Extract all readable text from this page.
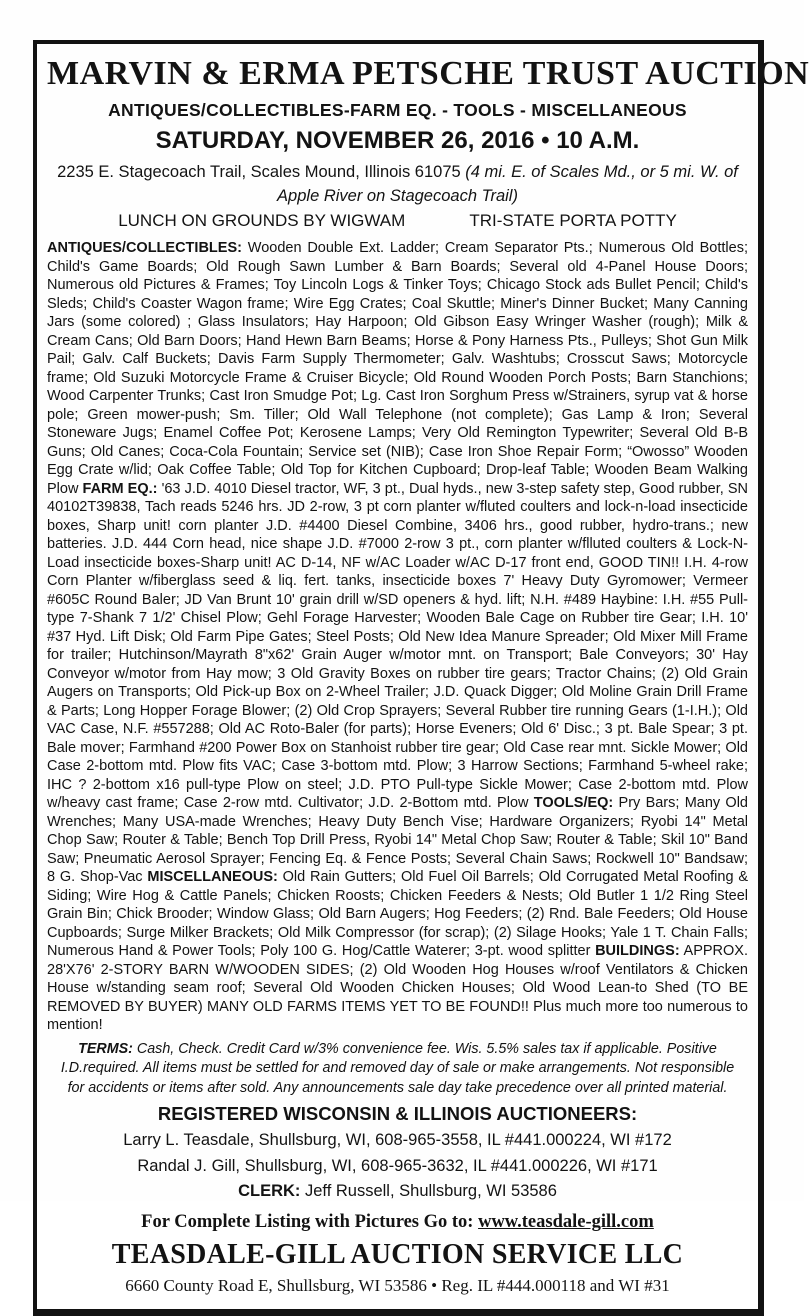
MARVIN & ERMA PETSCHE TRUST AUCTION
ANTIQUES/COLLECTIBLES-FARM EQ. - TOOLS - MISCELLANEOUS
SATURDAY, NOVEMBER 26, 2016 • 10 A.M.
2235 E. Stagecoach Trail, Scales Mound, Illinois 61075 (4 mi. E. of Scales Md., or 5 mi. W. of Apple River on Stagecoach Trail)
LUNCH ON GROUNDS BY WIGWAM	TRI-STATE PORTA POTTY

ANTIQUES/COLLECTIBLES: Wooden Double Ext. Ladder; Cream Separator Pts.; Numerous Old Bottles; Child's Game Boards; Old Rough Sawn Lumber & Barn Boards; Several old 4-Panel House Doors; Numerous old Pictures & Frames; Toy Lincoln Logs & Tinker Toys; Chicago Stock ads Bullet Pencil; Child's Sleds; Child's Coaster Wagon frame; Wire Egg Crates; Coal Skuttle; Miner's Dinner Bucket; Many Canning Jars (some colored) ; Glass Insulators; Hay Harpoon; Old Gibson Easy Wringer Washer (rough); Milk & Cream Cans; Old Barn Doors; Hand Hewn Barn Beams; Horse & Pony Harness Pts., Pulleys; Shot Gun Milk Pail; Galv. Calf Buckets; Davis Farm Supply Thermometer; Galv. Washtubs; Crosscut Saws; Motorcycle frame; Old Suzuki Motorcycle Frame & Cruiser Bicycle; Old Round Wooden Porch Posts; Barn Stanchions; Wood Carpenter Trunks; Cast Iron Smudge Pot; Lg. Cast Iron Sorghum Press w/Strainers, syrup vat & horse pole; Green mower-push; Sm. Tiller; Old Wall Telephone (not complete); Gas Lamp & Iron; Several Stoneware Jugs; Enamel Coffee Pot; Kerosene Lamps; Very Old Remington Typewriter; Several Old B-B Guns; Old Canes; Coca-Cola Fountain; Service set (NIB); Case Iron Shoe Repair Form; “Owosso” Wooden Egg Crate w/lid; Oak Coffee Table; Old Top for Kitchen Cupboard; Drop-leaf Table; Wooden Beam Walking Plow FARM EQ.: '63 J.D. 4010 Diesel tractor, WF, 3 pt., Dual hyds., new 3-step safety step, Good rubber, SN 40102T39838, Tach reads 5246 hrs. JD 2-row, 3 pt corn planter w/fluted coulters and lock-n-load insecticide boxes, Sharp unit! corn planter J.D. #4400 Diesel Combine, 3406 hrs., good rubber, hydro-trans.; new batteries. J.D. 444 Corn head, nice shape J.D. #7000 2-row 3 pt., corn planter w/flluted coulters & Lock-N-Load insecticide boxes-Sharp unit! AC D-14, NF w/AC Loader w/AC D-17 front end, GOOD TIN!! I.H. 4-row Corn Planter w/fiberglass seed & liq. fert. tanks, insecticide boxes 7' Heavy Duty Gyromower; Vermeer #605C Round Baler; JD Van Brunt 10' grain drill w/SD openers & hyd. lift; N.H. #489 Haybine: I.H. #55 Pull-type 7-Shank 7 1/2' Chisel Plow; Gehl Forage Harvester; Wooden Bale Cage on Rubber tire Gear; I.H. 10' #37 Hyd. Lift Disk; Old Farm Pipe Gates; Steel Posts; Old New Idea Manure Spreader; Old Mixer Mill Frame for trailer; Hutchinson/Mayrath 8"x62' Grain Auger w/motor mnt. on Transport; Bale Conveyors; 30' Hay Conveyor w/motor from Hay mow; 3 Old Gravity Boxes on rubber tire gears; Tractor Chains; (2) Old Grain Augers on Transports; Old Pick-up Box on 2-Wheel Trailer; J.D. Quack Digger; Old Moline Grain Drill Frame & Parts; Long Hopper Forage Blower; (2) Old Crop Sprayers; Several Rubber tire running Gears (1-I.H.); Old VAC Case, N.F. #557288; Old AC Roto-Baler (for parts); Horse Eveners; Old 6' Disc.; 3 pt. Bale Spear; 3 pt. Bale mover; Farmhand #200 Power Box on Stanhoist rubber tire gear; Old Case rear mnt. Sickle Mower; Old Case 2-bottom mtd. Plow fits VAC; Case 3-bottom mtd. Plow; 3 Harrow Sections; Farmhand 5-wheel rake; IHC ? 2-bottom x16 pull-type Plow on steel; J.D. PTO Pull-type Sickle Mower; Case 2-bottom mtd. Plow w/heavy cast frame; Case 2-row mtd. Cultivator; J.D. 2-Bottom mtd. Plow TOOLS/EQ: Pry Bars; Many Old Wrenches; Many USA-made Wrenches; Heavy Duty Bench Vise; Hardware Organizers; Ryobi 14" Metal Chop Saw; Router & Table; Bench Top Drill Press, Ryobi 14" Metal Chop Saw; Router & Table; Skil 10" Band Saw; Pneumatic Aerosol Sprayer; Fencing Eq. & Fence Posts; Several Chain Saws; Rockwell 10" Bandsaw; 8 G. Shop-Vac MISCELLANEOUS: Old Rain Gutters; Old Fuel Oil Barrels; Old Corrugated Metal Roofing & Siding; Wire Hog & Cattle Panels; Chicken Roosts; Chicken Feeders & Nests; Old Butler 1 1/2 Ring Steel Grain Bin; Chick Brooder; Window Glass; Old Barn Augers; Hog Feeders; (2) Rnd. Bale Feeders; Old House Cupboards; Surge Milker Brackets; Old Milk Compressor (for scrap); (2) Silage Hooks; Yale 1 T. Chain Falls; Numerous Hand & Power Tools; Poly 100 G. Hog/Cattle Waterer; 3-pt. wood splitter BUILDINGS: APPROX. 28'X76' 2-STORY BARN W/WOODEN SIDES; (2) Old Wooden Hog Houses w/roof Ventilators & Chicken House w/standing seam roof; Several Old Wooden Chicken Houses; Old Wood Lean-to Shed (TO BE REMOVED BY BUYER) MANY OLD FARMS ITEMS YET TO BE FOUND!! Plus much more too numerous to mention!

TERMS: Cash, Check. Credit Card w/3% convenience fee. Wis. 5.5% sales tax if applicable. Positive I.D.required. All items must be settled for and removed day of sale or make arrangements. Not responsible for accidents or items after sold. Any announcements sale day take precedence over all printed material.

REGISTERED WISCONSIN & ILLINOIS AUCTIONEERS:
Larry L. Teasdale, Shullsburg, WI, 608-965-3558, IL #441.000224, WI #172
Randal J. Gill, Shullsburg, WI, 608-965-3632, IL #441.000226, WI #171
CLERK: Jeff Russell, Shullsburg, WI 53586
For Complete Listing with Pictures Go to: www.teasdale-gill.com
TEASDALE-GILL AUCTION SERVICE LLC
6660 County Road E, Shullsburg, WI 53586 • Reg. IL #444.000118 and WI #31
